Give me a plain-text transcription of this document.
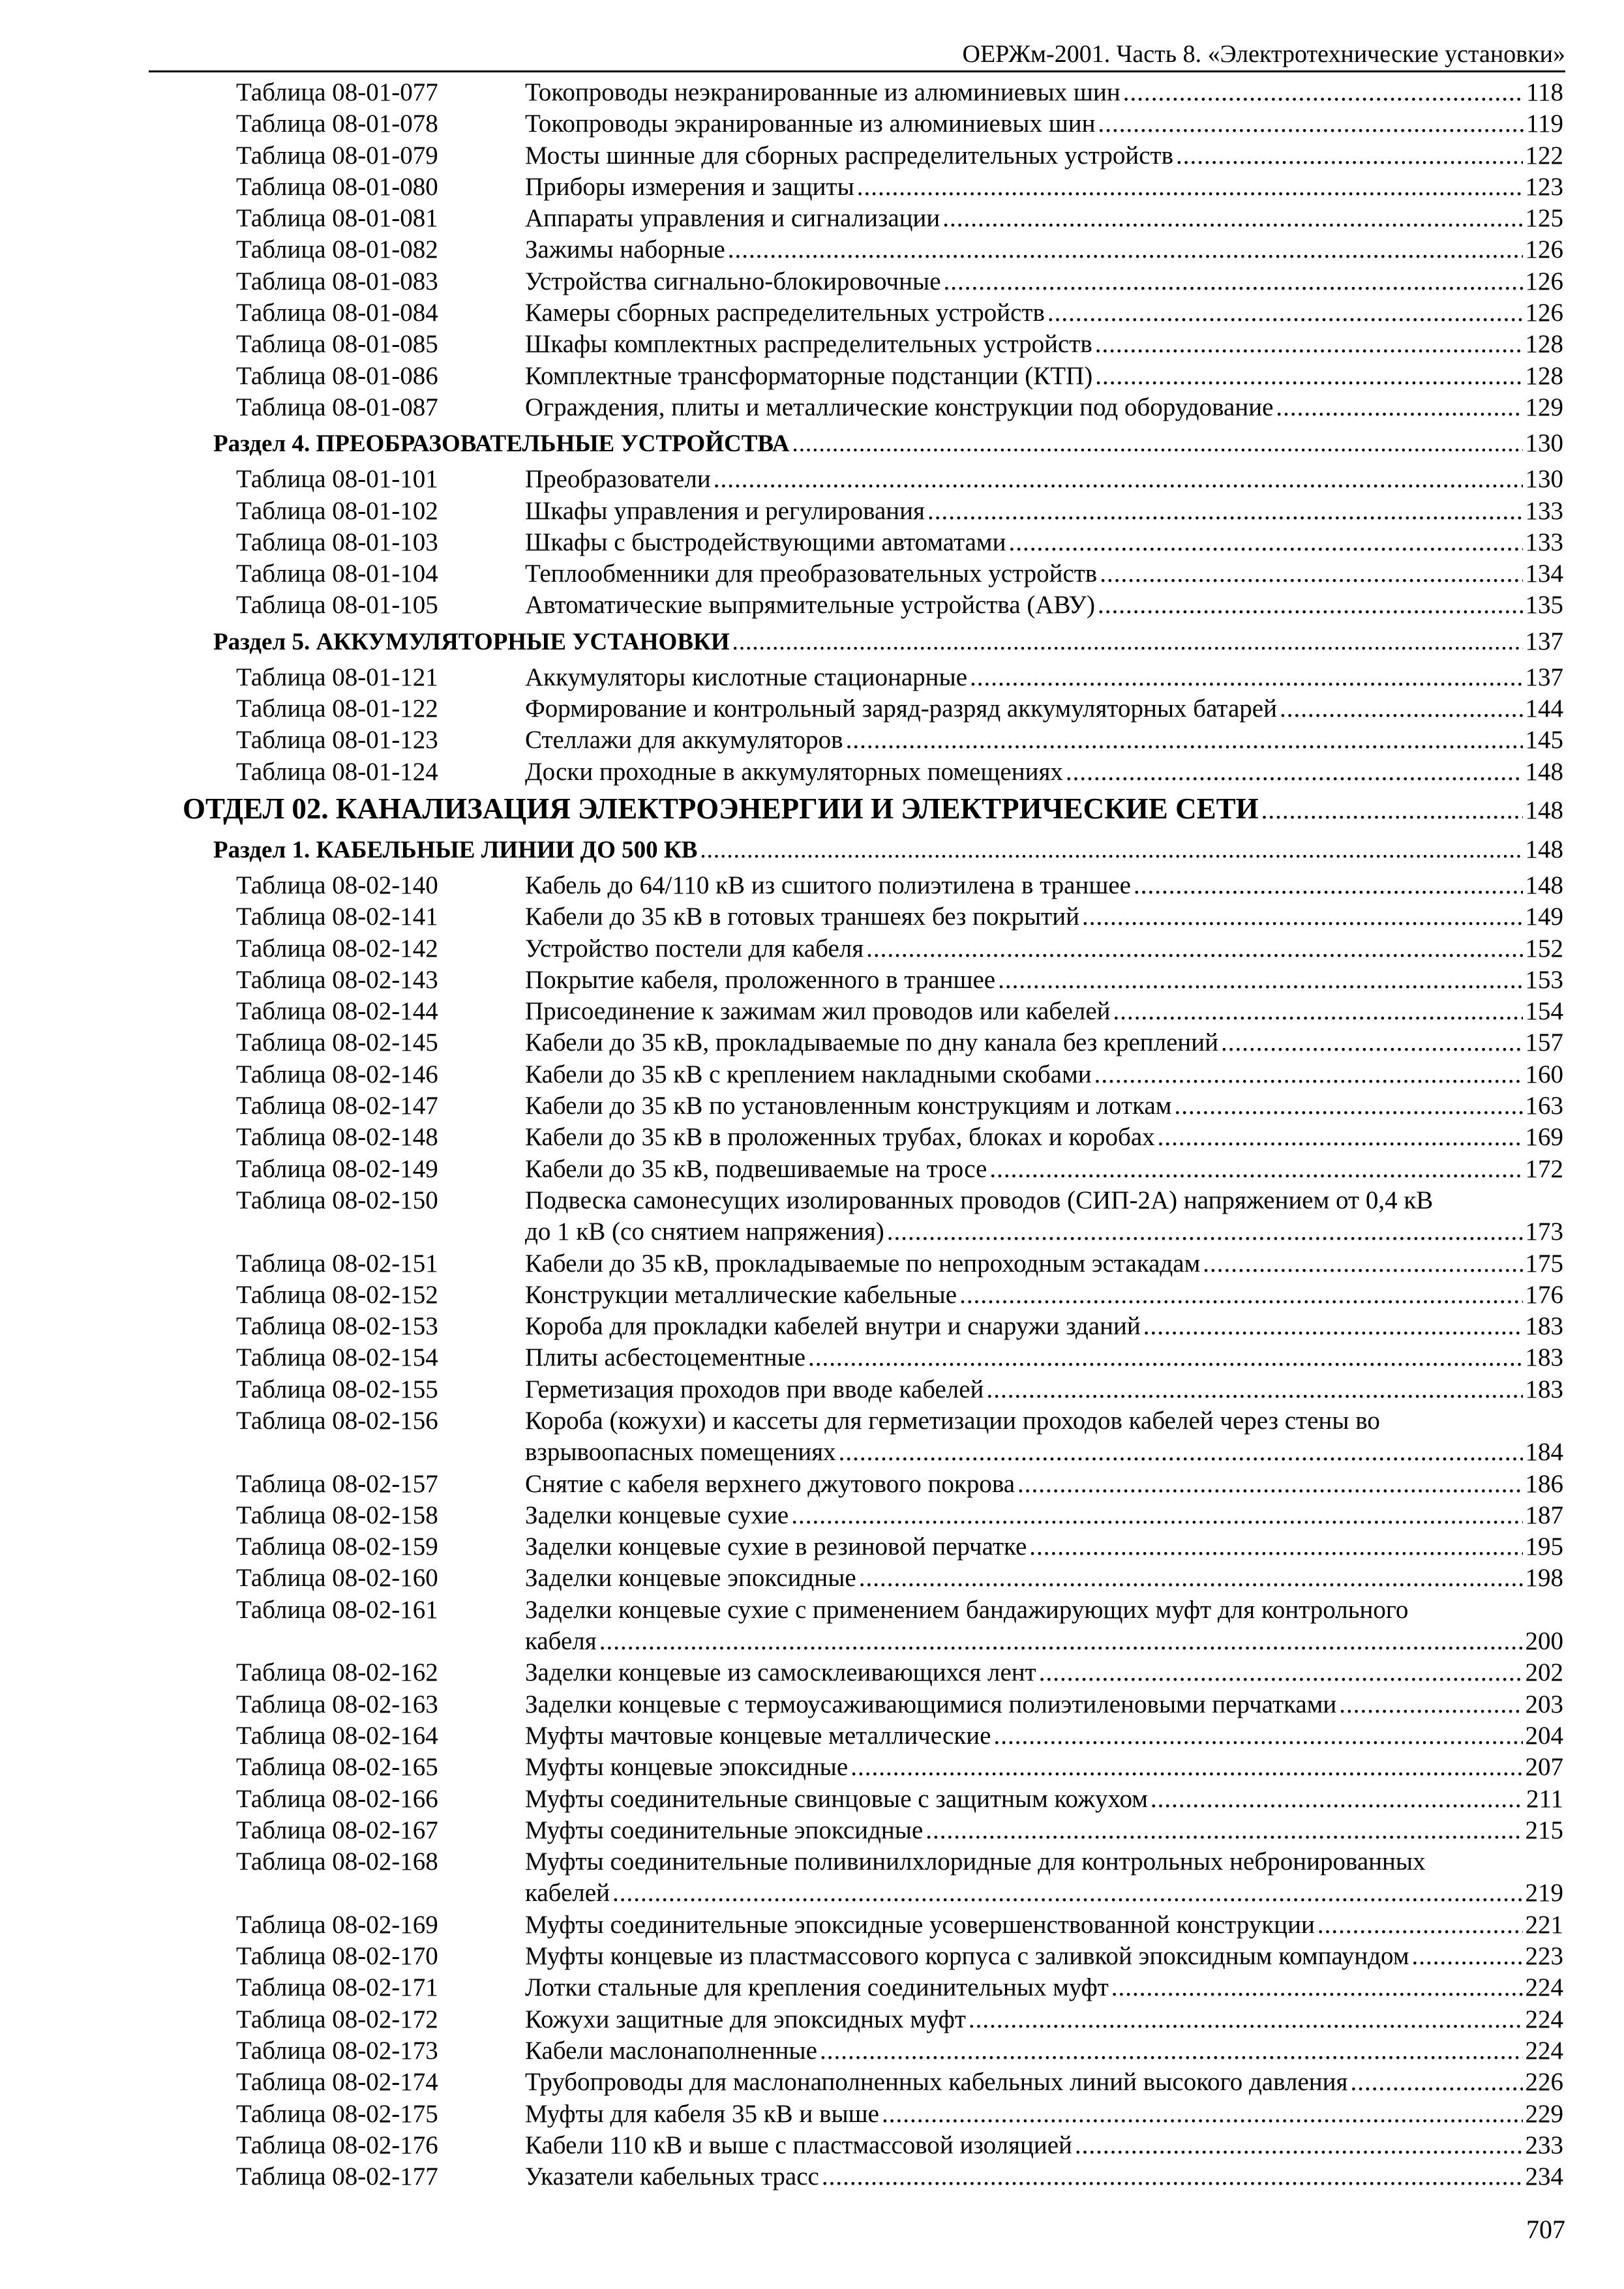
ОЕРЖм-2001. Часть 8. «Электротехнические установки»
Таблица 08-01-077	Токопроводы неэкранированные из алюминиевых шин .....	118
Таблица 08-01-078	Токопроводы экранированные из алюминиевых шин .....	119
Таблица 08-01-079	Мосты шинные для сборных распределительных устройств .....	122
Таблица 08-01-080	Приборы измерения и защиты .....	123
Таблица 08-01-081	Аппараты управления и сигнализации .....	125
Таблица 08-01-082	Зажимы наборные .....	126
Таблица 08-01-083	Устройства сигнально-блокировочные .....	126
Таблица 08-01-084	Камеры сборных распределительных устройств .....	126
Таблица 08-01-085	Шкафы комплектных распределительных устройств .....	128
Таблица 08-01-086	Комплектные трансформаторные подстанции (КТП) .....	128
Таблица 08-01-087	Ограждения, плиты и металлические конструкции под оборудование .....	129
Раздел 4. ПРЕОБРАЗОВАТЕЛЬНЫЕ УСТРОЙСТВА .....	130
Таблица 08-01-101	Преобразователи .....	130
Таблица 08-01-102	Шкафы управления и регулирования .....	133
Таблица 08-01-103	Шкафы с быстродействующими автоматами .....	133
Таблица 08-01-104	Теплообменники для преобразовательных устройств .....	134
Таблица 08-01-105	Автоматические выпрямительные устройства (АВУ) .....	135
Раздел 5. АККУМУЛЯТОРНЫЕ УСТАНОВКИ .....	137
Таблица 08-01-121	Аккумуляторы кислотные стационарные .....	137
Таблица 08-01-122	Формирование и контрольный заряд-разряд аккумуляторных батарей .....	144
Таблица 08-01-123	Стеллажи для аккумуляторов .....	145
Таблица 08-01-124	Доски проходные в аккумуляторных помещениях .....	148
ОТДЕЛ 02. КАНАЛИЗАЦИЯ ЭЛЕКТРОЭНЕРГИИ И ЭЛЕКТРИЧЕСКИЕ СЕТИ .....	148
Раздел 1. КАБЕЛЬНЫЕ ЛИНИИ ДО 500 КВ .....	148
Таблица 08-02-140	Кабель до 64/110 кВ из сшитого полиэтилена в траншее .....	148
Таблица 08-02-141	Кабели до 35 кВ в готовых траншеях без покрытий .....	149
Таблица 08-02-142	Устройство постели для кабеля .....	152
Таблица 08-02-143	Покрытие кабеля, проложенного в траншее .....	153
Таблица 08-02-144	Присоединение к зажимам жил проводов или кабелей .....	154
Таблица 08-02-145	Кабели до 35 кВ, прокладываемые по дну канала без креплений .....	157
Таблица 08-02-146	Кабели до 35 кВ с креплением накладными скобами .....	160
Таблица 08-02-147	Кабели до 35 кВ по установленным конструкциям и лоткам .....	163
Таблица 08-02-148	Кабели до 35 кВ в проложенных трубах, блоках и коробах .....	169
Таблица 08-02-149	Кабели до 35 кВ, подвешиваемые на тросе .....	172
Таблица 08-02-150	Подвеска самонесущих изолированных проводов (СИП-2А) напряжением от 0,4 кВ
до 1 кВ (со снятием напряжения) .....	173
Таблица 08-02-151	Кабели до 35 кВ, прокладываемые по непроходным эстакадам .....	175
Таблица 08-02-152	Конструкции металлические кабельные .....	176
Таблица 08-02-153	Короба для прокладки кабелей внутри и снаружи зданий .....	183
Таблица 08-02-154	Плиты асбестоцементные .....	183
Таблица 08-02-155	Герметизация проходов при вводе кабелей .....	183
Таблица 08-02-156	Короба (кожухи) и кассеты для герметизации проходов кабелей через стены во
взрывоопасных помещениях .....	184
Таблица 08-02-157	Снятие с кабеля верхнего джутового покрова .....	186
Таблица 08-02-158	Заделки концевые сухие .....	187
Таблица 08-02-159	Заделки концевые сухие в резиновой перчатке .....	195
Таблица 08-02-160	Заделки концевые эпоксидные .....	198
Таблица 08-02-161	Заделки концевые сухие с применением бандажирующих муфт для контрольного
кабеля .....	200
Таблица 08-02-162	Заделки концевые из самосклеивающихся лент .....	202
Таблица 08-02-163	Заделки концевые с термоусаживающимися полиэтиленовыми перчатками .....	203
Таблица 08-02-164	Муфты мачтовые концевые металлические .....	204
Таблица 08-02-165	Муфты концевые эпоксидные .....	207
Таблица 08-02-166	Муфты соединительные свинцовые с защитным кожухом .....	211
Таблица 08-02-167	Муфты соединительные эпоксидные .....	215
Таблица 08-02-168	Муфты соединительные поливинилхлоридные для контрольных небронированных
кабелей .....	219
Таблица 08-02-169	Муфты соединительные эпоксидные усовершенствованной конструкции .....	221
Таблица 08-02-170	Муфты концевые из пластмассового корпуса с заливкой эпоксидным компаундом .....	223
Таблица 08-02-171	Лотки стальные для крепления соединительных муфт .....	224
Таблица 08-02-172	Кожухи защитные для эпоксидных муфт .....	224
Таблица 08-02-173	Кабели маслонаполненные .....	224
Таблица 08-02-174	Трубопроводы для маслонаполненных кабельных линий высокого давления .....	226
Таблица 08-02-175	Муфты для кабеля 35 кВ и выше .....	229
Таблица 08-02-176	Кабели 110 кВ и выше с пластмассовой изоляцией .....	233
Таблица 08-02-177	Указатели кабельных трасс .....	234
707
